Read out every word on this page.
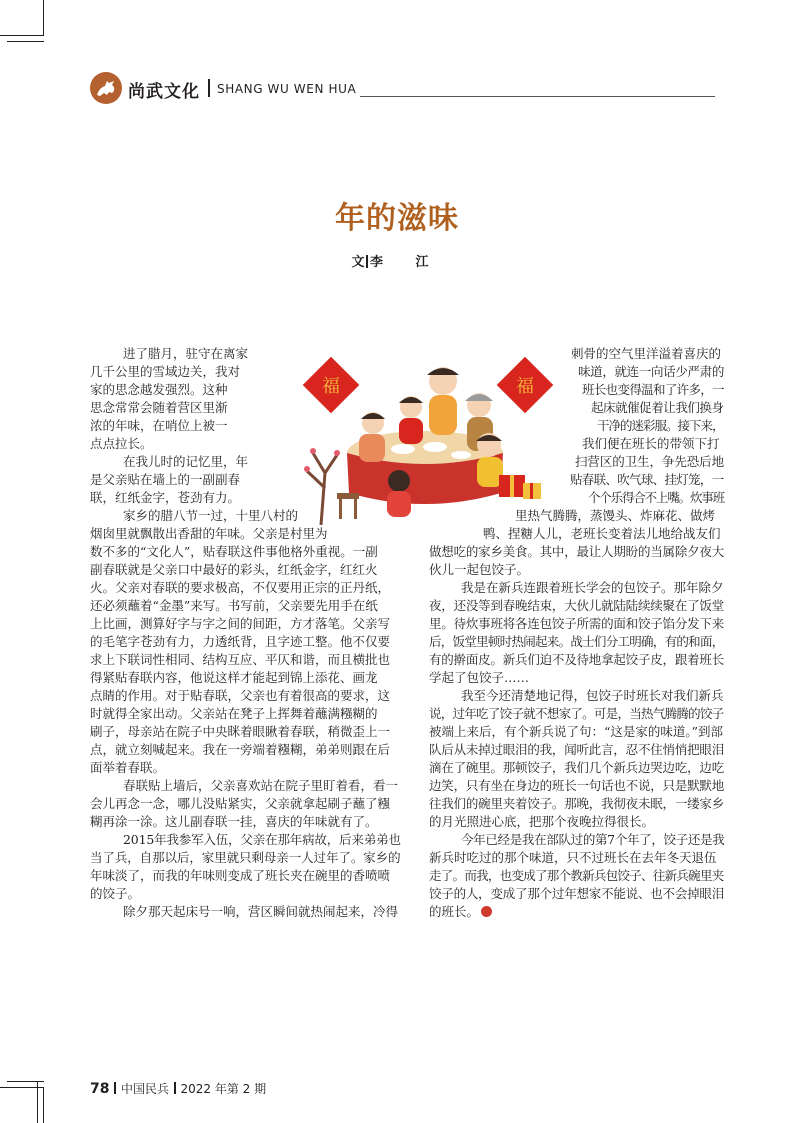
尚武文化 SHANG WU WEN HUA
年的滋味
文 李 江
福	福
进了腊月，驻守在离家
几千公里的雪域边关，我对
家的思念越发强烈。这种
思念常常会随着营区里渐
浓的年味，在哨位上被一
点点拉长。
在我儿时的记忆里，年
是父亲贴在墙上的一副副春
联，红纸金字，苍劲有力。
家乡的腊八节一过，十里八村的
烟囱里就飘散出香甜的年味。父亲是村里为
数不多的“文化人”，贴春联这件事他格外重视。一副
副春联就是父亲口中最好的彩头，红纸金字，红红火
火。父亲对春联的要求极高，不仅要用正宗的正丹纸，
还必须蘸着“金墨”来写。书写前，父亲要先用手在纸
上比画，测算好字与字之间的间距，方才落笔。父亲写
的毛笔字苍劲有力，力透纸背，且字迹工整。他不仅要
求上下联词性相同、结构互应、平仄和谐，而且横批也
得紧贴春联内容，他说这样才能起到锦上添花、画龙
点睛的作用。对于贴春联，父亲也有着很高的要求，这
时就得全家出动。父亲站在凳子上挥舞着蘸满糨糊的
刷子，母亲站在院子中央眯着眼瞅着春联，稍微歪上一
点，就立刻喊起来。我在一旁端着糨糊，弟弟则跟在后
面举着春联。
春联贴上墙后，父亲喜欢站在院子里盯着看，看一
会儿再念一念，哪儿没贴紧实，父亲就拿起刷子蘸了糨
糊再涂一涂。这儿副春联一挂，喜庆的年味就有了。
2015年我参军入伍，父亲在那年病故，后来弟弟也
当了兵，自那以后，家里就只剩母亲一人过年了。家乡的
年味淡了，而我的年味则变成了班长夹在碗里的香喷喷
的饺子。
除夕那天起床号一响，营区瞬间就热闹起来，冷得
刺骨的空气里洋溢着喜庆的
味道，就连一向话少严肃的
班长也变得温和了许多，一
起床就催促着让我们换身
干净的迷彩服。接下来，
我们便在班长的带领下打
扫营区的卫生，争先恐后地
贴春联、吹气球、挂灯笼，一
个个乐得合不上嘴。炊事班
里热气腾腾，蒸馒头、炸麻花、做烤
鸭、捏糖人儿，老班长变着法儿地给战友们
做想吃的家乡美食。其中，最让人期盼的当属除夕夜大
伙儿一起包饺子。
我是在新兵连跟着班长学会的包饺子。那年除夕
夜，还没等到春晚结束，大伙儿就陆陆续续聚在了饭堂
里。待炊事班将各连包饺子所需的面和饺子馅分发下来
后，饭堂里顿时热闹起来。战士们分工明确，有的和面，
有的擀面皮。新兵们迫不及待地拿起饺子皮，跟着班长
学起了包饺子……
我至今还清楚地记得，包饺子时班长对我们新兵
说，过年吃了饺子就不想家了。可是，当热气腾腾的饺子
被端上来后，有个新兵说了句：“这是家的味道。”到部
队后从未掉过眼泪的我，闻听此言，忍不住悄悄把眼泪
滴在了碗里。那顿饺子，我们几个新兵边哭边吃，边吃
边笑，只有坐在身边的班长一句话也不说，只是默默地
往我们的碗里夹着饺子。那晚，我彻夜未眠，一缕家乡
的月光照进心底，把那个夜晚拉得很长。
今年已经是我在部队过的第7个年了，饺子还是我
新兵时吃过的那个味道，只不过班长在去年冬天退伍
走了。而我，也变成了那个教新兵包饺子、往新兵碗里夹
饺子的人，变成了那个过年想家不能说、也不会掉眼泪
的班长。
78 中国民兵 2022 年第 2 期
